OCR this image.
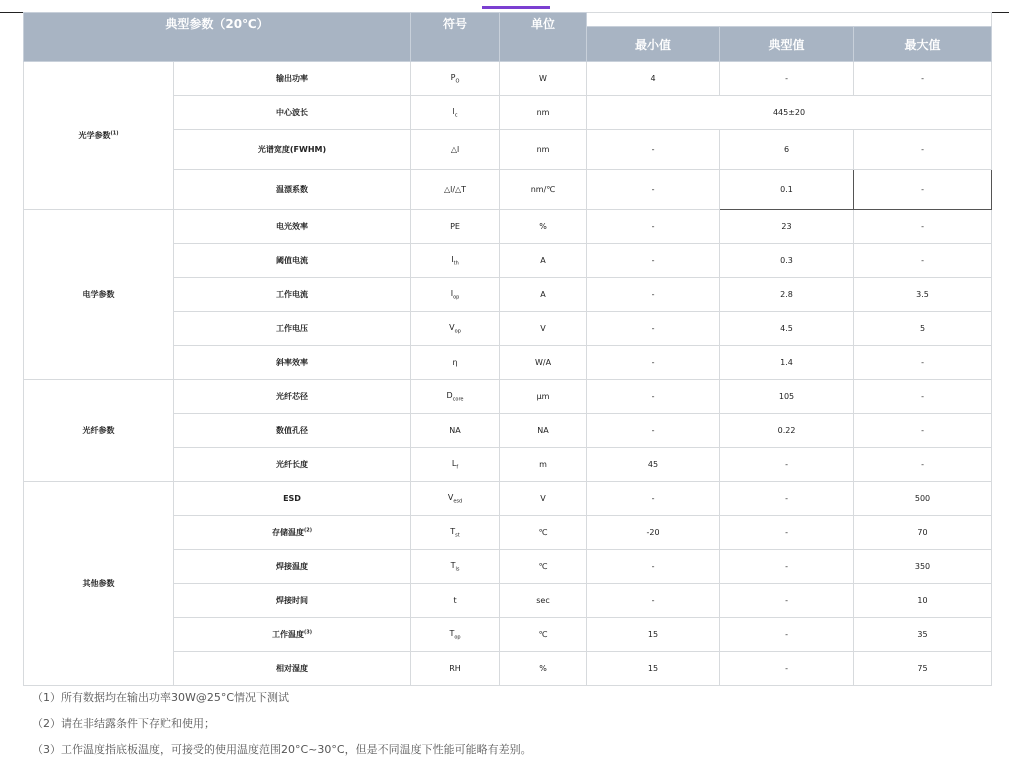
典型参数（20℃）		符号	单位			
				最小值	典型值	最大值
光学参数$^{(1)}$	输出功率	$P_O$	W	4	-	-
	中心波长	$l_c$	nm	445±20		
	光谱宽度(FWHM)	△l	nm	-	6	-
	温漂系数	△l/△T	nm/℃	-	0.1	-
电学参数	电光效率	PE	%	-	23	-
	阈值电流	$I_{th}$	A	-	0.3	-
	工作电流	$I_{op}$	A	-	2.8	3.5
	工作电压	$V_{op}$	V	-	4.5	5
	斜率效率	η	W/A	-	1.4	-
光纤参数	光纤芯径	$D_{core}$	µm	-	105	-
	数值孔径	NA	NA	-	0.22	-
	光纤长度	$L_f$	m	45	-	-
其他参数	ESD	$V_{esd}$	V	-	-	500
	存储温度$^{(2)}$	$T_{st}$	℃	-20	-	70
	焊接温度	$T_{ls}$	℃	-	-	350
	焊接时间	t	sec	-	-	10
	工作温度$^{(3)}$	$T_{op}$	℃	15	-	35
	相对湿度	RH	%	15	-	75
（1）所有数据均在输出功率30W@25°C情况下测试
（2）请在非结露条件下存贮和使用；
（3）工作温度指底板温度，可接受的使用温度范围20°C~30°C，但是不同温度下性能可能略有差别。
